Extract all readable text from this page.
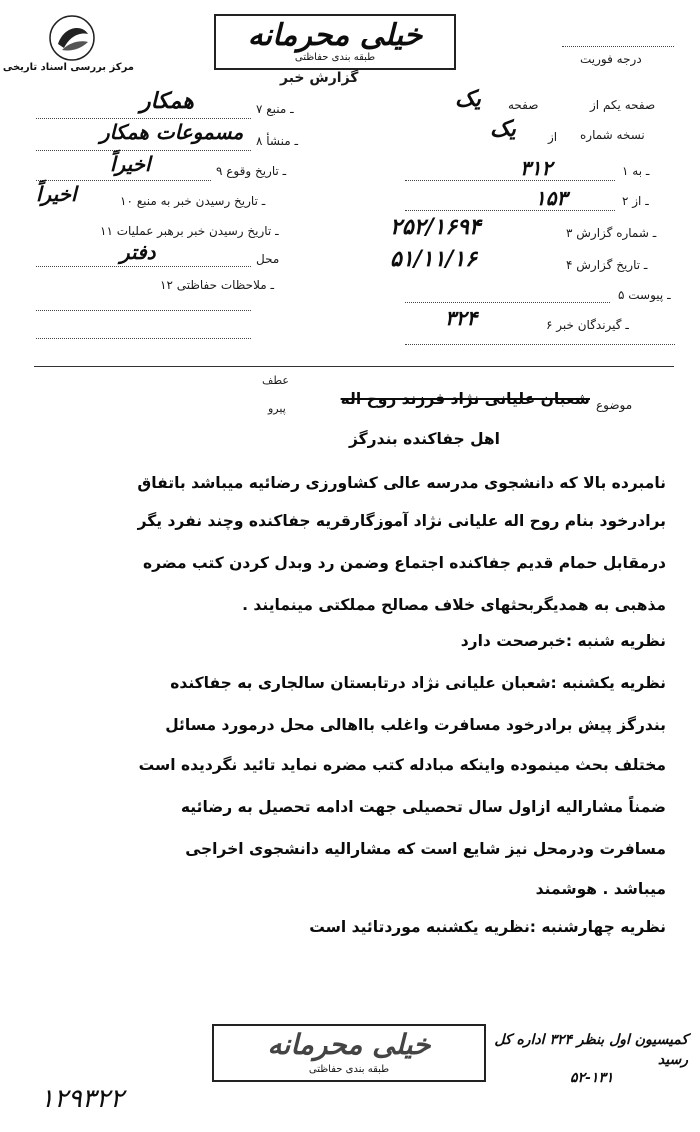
مرکز بررسی اسناد تاریخی
خیلی محرمانه
طبقه بندی حفاظتی
گزارش خبر
درجه فوریت
صفحه یکم از
یک صفحه
نسخه شماره
یک	از
۱ ـ به
۳۱۲
۲ ـ از
۱۵۳
۳ ـ شماره گزارش
۲۵۲/۱۶۹۴
۴ ـ تاریخ گزارش
۵۱/۱۱/۱۶
۵ ـ پیوست
۶ ـ گیرندگان خبر
۳۲۴
۷ ـ منبع
همکار
۸ ـ منشأ
مسموعات همکار
۹ ـ تاریخ وقوع
اخیراً
۱۰ ـ تاریخ رسیدن خبر به منبع
اخیراً
۱۱ ـ تاریخ رسیدن خبر برهبر عملیات
محل
دفتر
۱۲ ـ ملاحظات حفاظتی
موضوع
عطف
پیرو
شعبان علیانی نژاد فرزند روح اله
اهل جفاکنده بندرگز
نامبرده بالا که دانشجوی مدرسه عالی کشاورزی رضائیه میباشد باتفاق
برادرخود بنام روح اله علیانی نژاد آموزگارقریه جفاکنده وچند نفرد یگر
درمقابل حمام قدیم جفاکنده اجتماع وضمن رد وبدل کردن کتب مضره
مذهبی به همدیگربحثهای خلاف مصالح مملکتی مینمایند .
نظریه شنبه :خبرصحت دارد
نظریه یکشنبه :شعبان علیانی نژاد درتابستان سالجاری به جفاکنده
بندرگز پیش برادرخود مسافرت واغلب بااهالی محل درمورد مسائل
مختلف بحث مینموده واینکه مبادله کتب مضره نماید تائید نگردیده است
ضمناً مشارالیه ازاول سال تحصیلی جهت ادامه تحصیل به رضائیه
مسافرت ودرمحل نیز شایع است که مشارالیه دانشجوی اخراجی
میباشد . هوشمند
نظریه چهارشنبه :نظریه یکشنبه موردتائید است
خیلی محرمانه
طبقه بندی حفاظتی
کمیسیون اول بنظر ۳۲۴ اداره کل رسید
۵۲-۱۳۱
۱۲۹۳۲۲
